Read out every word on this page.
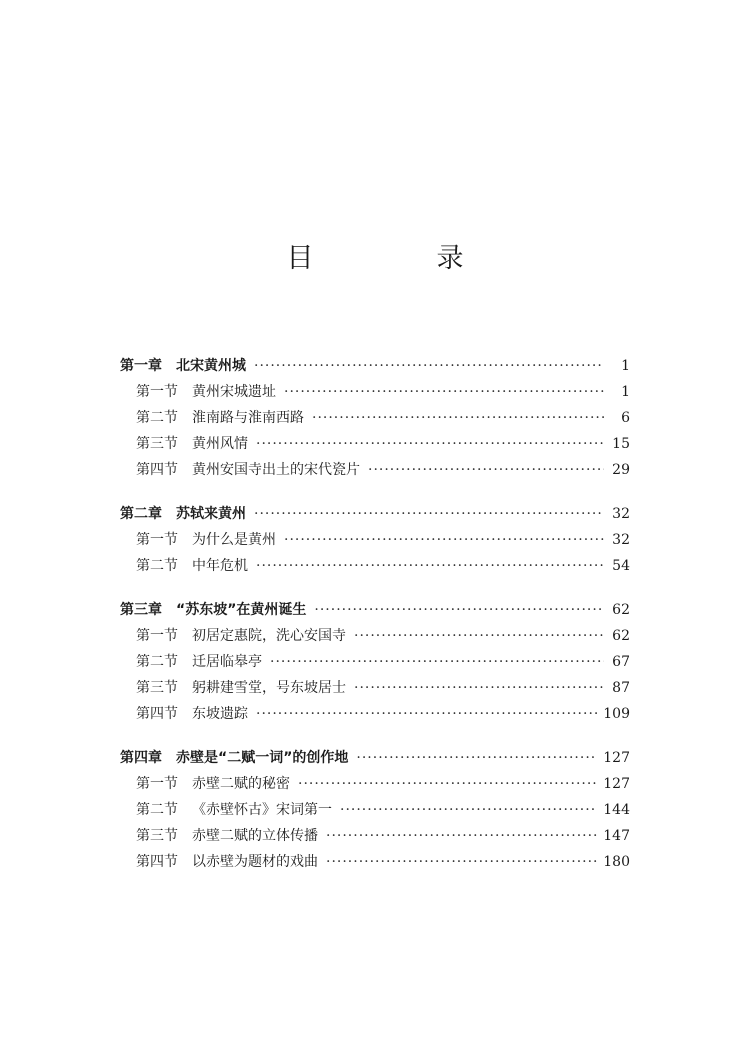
目　录
第一章 北宋黄州城 ·····	1
第一节 黄州宋城遗址 ·····	1
第二节 淮南路与淮南西路 ·····	6
第三节 黄州风情 ·····	15
第四节 黄州安国寺出土的宋代瓷片 ·····	29
第二章 苏轼来黄州 ·····	32
第一节 为什么是黄州 ·····	32
第二节 中年危机 ·····	54
第三章 “苏东坡”在黄州诞生 ·····	62
第一节 初居定惠院，洗心安国寺 ·····	62
第二节 迁居临皋亭 ·····	67
第三节 躬耕建雪堂，号东坡居士 ·····	87
第四节 东坡遗踪 ·····	109
第四章 赤壁是“二赋一词”的创作地 ·····	127
第一节 赤壁二赋的秘密 ·····	127
第二节 《赤壁怀古》宋词第一 ·····	144
第三节 赤壁二赋的立体传播 ·····	147
第四节 以赤壁为题材的戏曲 ·····	180
